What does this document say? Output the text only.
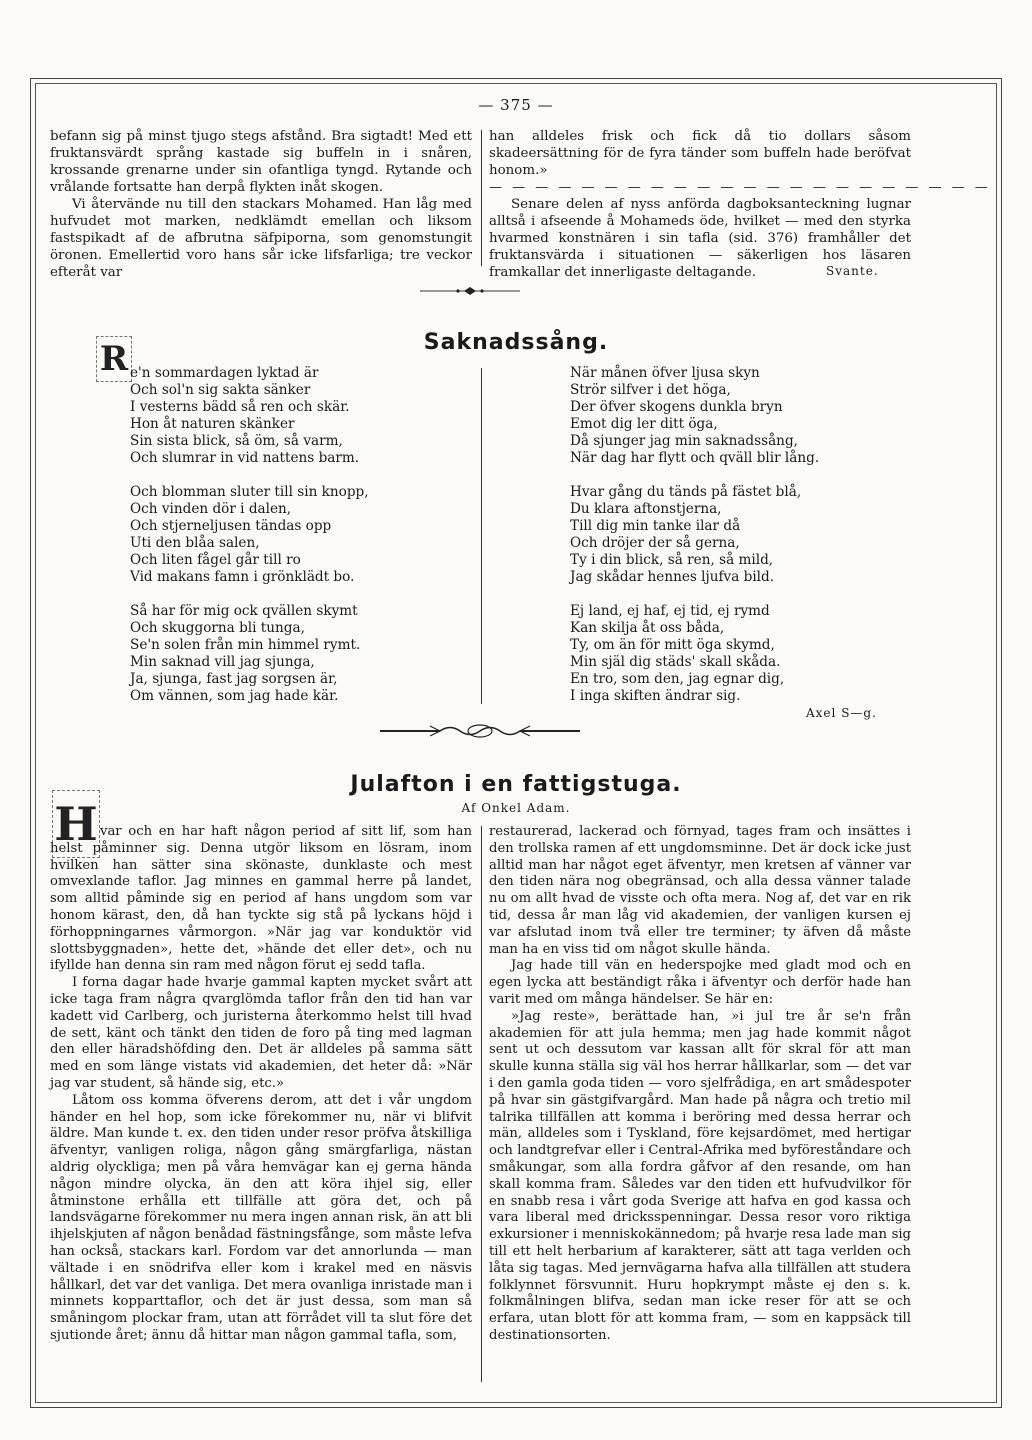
— 375 —

befann sig på minst tjugo stegs afstånd. Bra sigtadt! Med ett fruktansvärdt språng kastade sig buffeln in i snåren, krossande grenarne under sin ofantliga tyngd. Rytande och vrålande fortsatte han derpå flykten inåt skogen.

Vi återvände nu till den stackars Mohamed. Han låg med hufvudet mot marken, nedklämdt emellan och liksom fastspikadt af de afbrutna säfpiporna, som genomstungit öronen. Emellertid voro hans sår icke lifsfarliga; tre veckor efteråt var

han alldeles frisk och fick då tio dollars såsom skadeersättning för de fyra tänder som buffeln hade beröfvat honom.»

— — — — — — — — — — — — — — — — — — — — — —

Senare delen af nyss anförda dagboksanteckning lugnar alltså i afseende å Mohameds öde, hvilket — med den styrka hvarmed konstnären i sin tafla (sid. 376) framhåller det fruktansvärda i situationen — säkerligen hos läsaren framkallar det innerligaste deltagande.	Svante.
Saknadssång.
R e'n sommardagen lyktad är
Och sol'n sig sakta sänker
I vesterns bädd så ren och skär.
Hon åt naturen skänker
Sin sista blick, så öm, så varm,
Och slumrar in vid nattens barm.
Och blomman sluter till sin knopp,
Och vinden dör i dalen,
Och stjerneljusen tändas opp
Uti den blåa salen,
Och liten fågel går till ro
Vid makans famn i grönklädt bo.
Så har för mig ock qvällen skymt
Och skuggorna bli tunga,
Se'n solen från min himmel rymt.
Min saknad vill jag sjunga,
Ja, sjunga, fast jag sorgsen är,
Om vännen, som jag hade kär.
När månen öfver ljusa skyn
Strör silfver i det höga,
Der öfver skogens dunkla bryn
Emot dig ler ditt öga,
Då sjunger jag min saknadssång,
När dag har flytt och qväll blir lång.
Hvar gång du tänds på fästet blå,
Du klara aftonstjerna,
Till dig min tanke ilar då
Och dröjer der så gerna,
Ty i din blick, så ren, så mild,
Jag skådar hennes ljufva bild.
Ej land, ej haf, ej tid, ej rymd
Kan skilja åt oss båda,
Ty, om än för mitt öga skymd,
Min själ dig städs' skall skåda.
En tro, som den, jag egnar dig,
I inga skiften ändrar sig.
Axel S—g.
Julafton i en fattigstuga.
Af Onkel Adam.
H var och en har haft någon period af sitt lif, som han helst påminner sig. Denna utgör liksom en lösram, inom hvilken han sätter sina skönaste, dunklaste och mest omvexlande taflor. Jag minnes en gammal herre på landet, som alltid påminde sig en period af hans ungdom som var honom kärast, den, då han tyckte sig stå på lyckans höjd i förhoppningarnes vårmorgon. »När jag var konduktör vid slottsbyggnaden», hette det, »hände det eller det», och nu ifyllde han denna sin ram med någon förut ej sedd tafla.

I forna dagar hade hvarje gammal kapten mycket svårt att icke taga fram några qvarglömda taflor från den tid han var kadett vid Carlberg, och juristerna återkommo helst till hvad de sett, känt och tänkt den tiden de foro på ting med lagman den eller häradshöfding den. Det är alldeles på samma sätt med en som länge vistats vid akademien, det heter då: »När jag var student, så hände sig, etc.»

Låtom oss komma öfverens derom, att det i vår ungdom händer en hel hop, som icke förekommer nu, när vi blifvit äldre. Man kunde t. ex. den tiden under resor pröfva åtskilliga äfventyr, vanligen roliga, någon gång smärgfarliga, nästan aldrig olyckliga; men på våra hemvägar kan ej gerna hända någon mindre olycka, än den att köra ihjel sig, eller åtminstone erhålla ett tillfälle att göra det, och på landsvägarne förekommer nu mera ingen annan risk, än att bli ihjelskjuten af någon benådad fästningsfånge, som måste lefva han också, stackars karl. Fordom var det annorlunda — man vältade i en snödrifva eller kom i krakel med en näsvis hållkarl, det var det vanliga. Det mera ovanliga inristade man i minnets kopparttaflor, och det är just dessa, som man så småningom plockar fram, utan att förrådet vill ta slut före det sjutionde året; ännu då hittar man någon gammal tafla, som,

restaurerad, lackerad och förnyad, tages fram och insättes i den trollska ramen af ett ungdomsminne. Det är dock icke just alltid man har något eget äfventyr, men kretsen af vänner var den tiden nära nog obegränsad, och alla dessa vänner talade nu om allt hvad de visste och ofta mera. Nog af, det var en rik tid, dessa år man låg vid akademien, der vanligen kursen ej var afslutad inom två eller tre terminer; ty äfven då måste man ha en viss tid om något skulle hända.

Jag hade till vän en hederspojke med gladt mod och en egen lycka att beständigt råka i äfventyr och derför hade han varit med om många händelser. Se här en:

»Jag reste», berättade han, »i jul tre år se'n från akademien för att jula hemma; men jag hade kommit något sent ut och dessutom var kassan allt för skral för att man skulle kunna ställa sig väl hos herrar hållkarlar, som — det var i den gamla goda tiden — voro sjelfrådiga, en art smådespoter på hvar sin gästgifvargård. Man hade på några och tretio mil talrika tillfällen att komma i beröring med dessa herrar och män, alldeles som i Tyskland, före kejsardömet, med hertigar och landtgrefvar eller i Central-Afrika med byföreståndare och småkungar, som alla fordra gåfvor af den resande, om han skall komma fram. Således var den tiden ett hufvudvilkor för en snabb resa i vårt goda Sverige att hafva en god kassa och vara liberal med dricksspenningar. Dessa resor voro riktiga exkursioner i menniskokännedom; på hvarje resa lade man sig till ett helt herbarium af karakterer, sätt att taga verlden och låta sig tagas. Med jernvägarna hafva alla tillfällen att studera folklynnet försvunnit. Huru hopkrympt måste ej den s. k. folkmålningen blifva, sedan man icke reser för att se och erfara, utan blott för att komma fram, — som en kappsäck till destinationsorten.
